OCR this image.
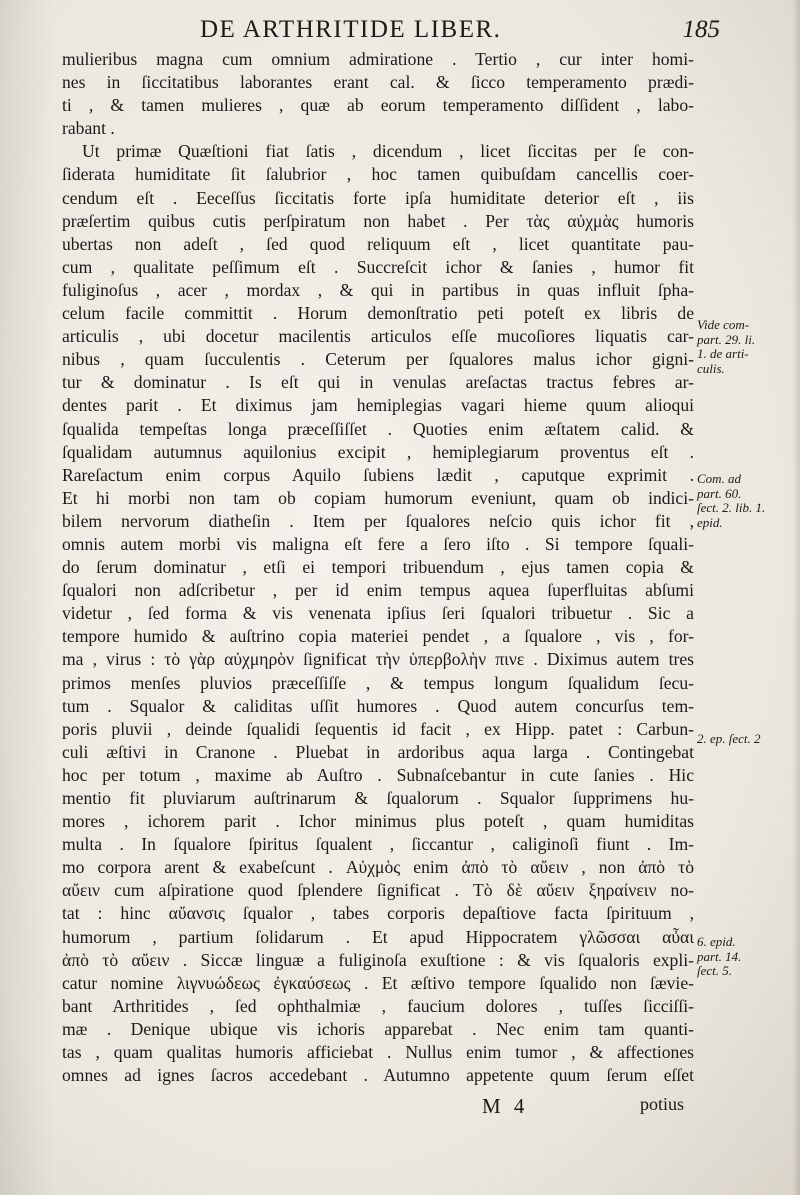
DE ARTHRITIDE LIBER.	185
mulieribus magna cum omnium admiratione . Tertio , cur inter homi-
nes in ſiccitatibus laborantes erant cal. & ſicco temperamento prædi-
ti , & tamen mulieres , quæ ab eorum temperamento diſſident , labo-
rabant .
Ut primæ Quæſtioni fiat ſatis , dicendum , licet ſiccitas per ſe con-
ſiderata humiditate ſit ſalubrior , hoc tamen quibuſdam cancellis coer-
cendum eſt . Eeceſſus ſiccitatis forte ipſa humiditate deterior eſt , iis
præſertim quibus cutis perſpiratum non habet . Per τὰς αὐχμὰς humoris
ubertas non adeſt , ſed quod reliquum eſt , licet quantitate pau-
cum , qualitate peſſimum eſt . Succreſcit ichor & ſanies , humor fit
fuliginoſus , acer , mordax , & qui in partibus in quas influit ſpha-
celum facile committit . Horum demonſtratio peti poteſt ex libris de
articulis , ubi docetur macilentis articulos eſſe mucoſiores liquatis car-
nibus , quam ſucculentis . Ceterum per ſqualores malus ichor gigni-
tur & dominatur . Is eſt qui in venulas areſactas tractus febres ar-
dentes parit . Et diximus jam hemiplegias vagari hieme quum alioqui
ſqualida tempeſtas longa præceſſiſſet . Quoties enim æſtatem calid. &
ſqualidam autumnus aquilonius excipit , hemiplegiarum proventus eſt .
Rareſactum enim corpus Aquilo ſubiens lædit , caputque exprimit .
Et hi morbi non tam ob copiam humorum eveniunt, quam ob indici-
bilem nervorum diatheſin . Item per ſqualores neſcio quis ichor fit ,
omnis autem morbi vis maligna eſt fere a ſero iſto . Si tempore ſquali-
do ſerum dominatur , etſi ei tempori tribuendum , ejus tamen copia &
ſqualori non adſcribetur , per id enim tempus aquea ſuperfluitas abſumi
videtur , ſed forma & vis venenata ipſius ſeri ſqualori tribuetur . Sic a
tempore humido & auſtrino copia materiei pendet , a ſqualore , vis , for-
ma , virus : τὸ γὰρ αὐχμηρὸν ſignificat τὴν ὑπερβολὴν πινε . Diximus autem tres
primos menſes pluvios præceſſiſſe , & tempus longum ſqualidum ſecu-
tum . Squalor & caliditas uſſit humores . Quod autem concurſus tem-
poris pluvii , deinde ſqualidi ſequentis id facit , ex Hipp. patet : Carbun-
culi æſtivi in Cranone . Pluebat in ardoribus aqua larga . Contingebat
hoc per totum , maxime ab Auſtro . Subnaſcebantur in cute ſanies . Hic
mentio fit pluviarum auſtrinarum & ſqualorum . Squalor ſupprimens hu-
mores , ichorem parit . Ichor minimus plus poteſt , quam humiditas
multa . In ſqualore ſpiritus ſqualent , ſiccantur , caliginoſi fiunt . Im-
mo corpora arent & exabeſcunt . Αὐχμὸς enim ἀπὸ τὸ αὔειν , non ἀπὸ τὸ
αὔειν cum aſpiratione quod ſplendere ſignificat . Τὸ δὲ αὔειν ξηραίνειν no-
tat : hinc αὔανσις ſqualor , tabes corporis depaſtiove facta ſpirituum ,
humorum , partium ſolidarum . Et apud Hippocratem γλῶσσαι αὖαι
ἀπὸ τὸ αὔειν . Siccæ linguæ a fuliginoſa exuſtione : & vis ſqualoris expli-
catur nomine λιγνυώδεως ἐγκαύσεως . Et æſtivo tempore ſqualido non ſævie-
bant Arthritides , ſed ophthalmiæ , faucium dolores , tuſſes ſicciſſi-
mæ . Denique ubique vis ichoris apparebat . Nec enim tam quanti-
tas , quam qualitas humoris afficiebat . Nullus enim tumor , & affectiones
omnes ad ignes ſacros accedebant . Autumno appetente quum ſerum eſſet
Vide com-
part. 29. li.
1. de arti-
culis.
Com. ad
part. 60.
ſect. 2. lib. 1.
epid.
2. ep. ſect. 2
6. epid.
part. 14.
ſect. 5.
M 4	potius
